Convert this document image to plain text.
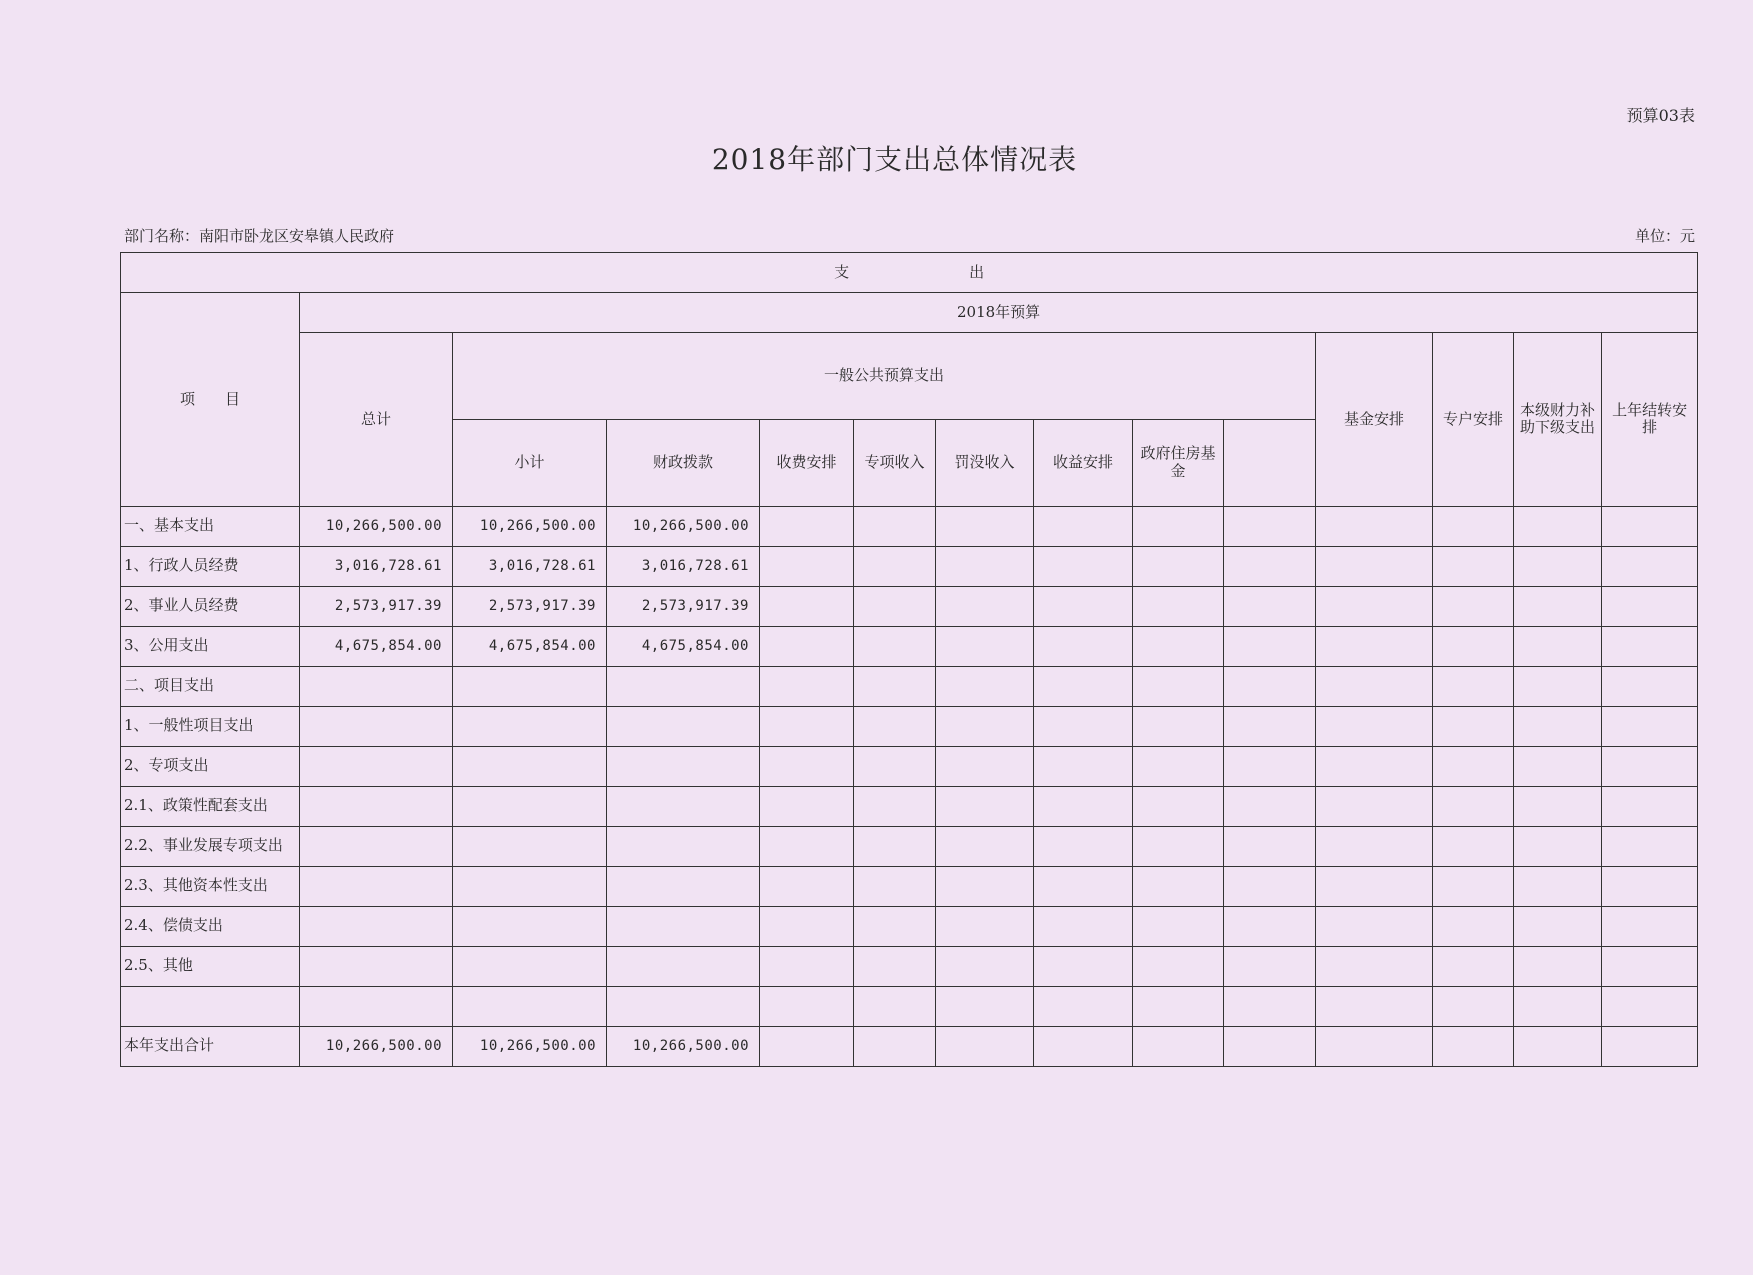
预算03表
2018年部门支出总体情况表
部门名称：南阳市卧龙区安皋镇人民政府	单位：元
支　　　　　　　　出														
项　　目	2018年预算													
	总计	一般公共预算支出								基金安排	专户安排	本级财力补助下级支出	上年结转安排	
		小计	财政拨款	收费安排	专项收入	罚没收入	收益安排	政府住房基金					
一、基本支出	10,266,500.00	10,266,500.00	10,266,500.00											
1、行政人员经费	3,016,728.61	3,016,728.61	3,016,728.61											
2、事业人员经费	2,573,917.39	2,573,917.39	2,573,917.39											
3、公用支出	4,675,854.00	4,675,854.00	4,675,854.00											
二、项目支出														
1、一般性项目支出														
2、专项支出														
2.1、政策性配套支出														
2.2、事业发展专项支出														
2.3、其他资本性支出														
2.4、偿债支出														
2.5、其他														

本年支出合计	10,266,500.00	10,266,500.00	10,266,500.00											
